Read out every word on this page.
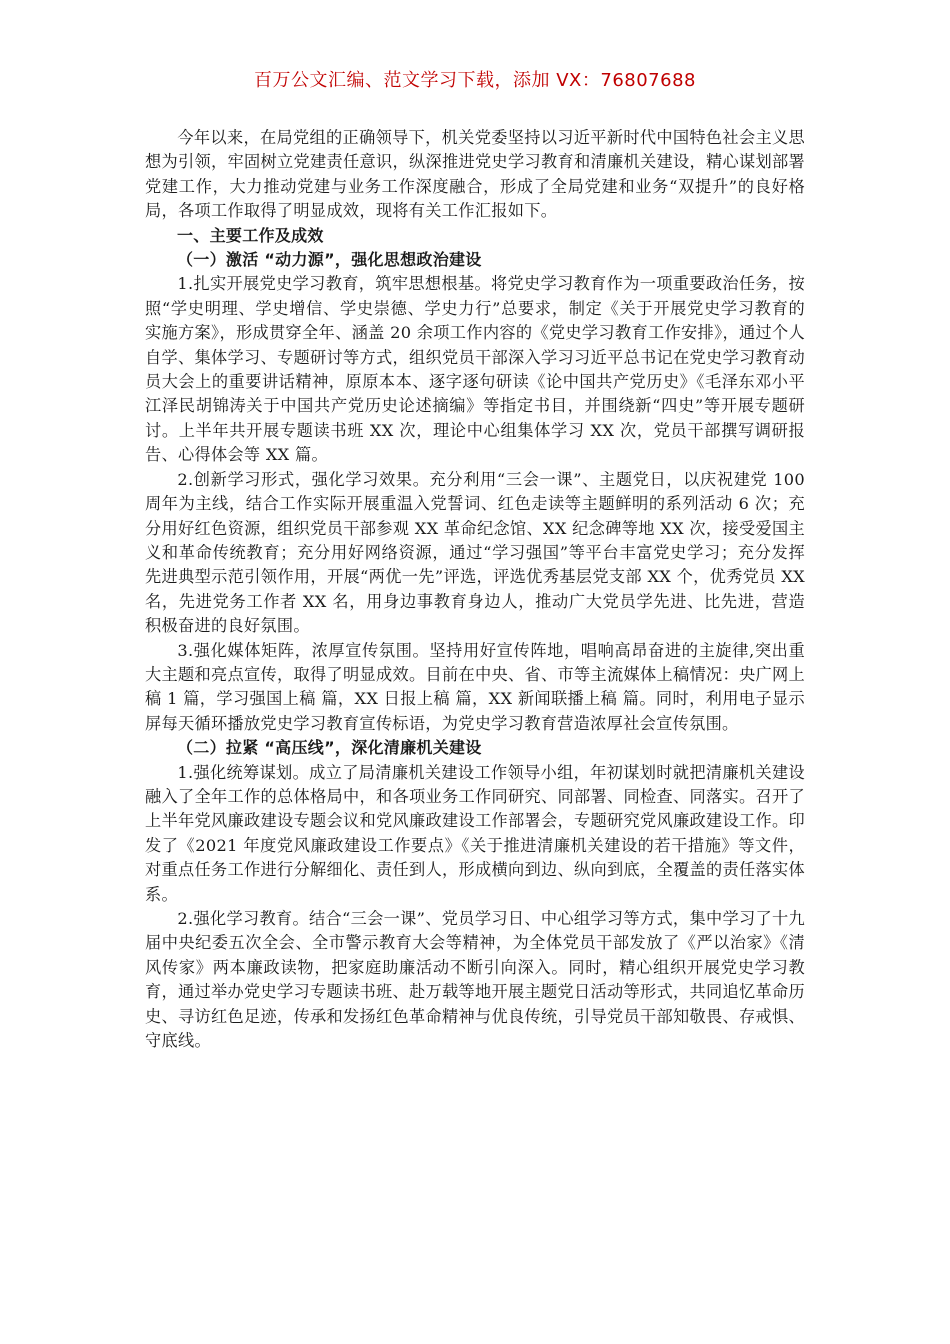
百万公文汇编、范文学习下载，添加 VX：76807688

今年以来，在局党组的正确领导下，机关党委坚持以习近平新时代中国特色社会主义思想为引领，牢固树立党建责任意识，纵深推进党史学习教育和清廉机关建设，精心谋划部署党建工作，大力推动党建与业务工作深度融合，形成了全局党建和业务“双提升”的良好格局，各项工作取得了明显成效，现将有关工作汇报如下。

一、主要工作及成效

（一）激活 “动力源”，强化思想政治建设

1.扎实开展党史学习教育，筑牢思想根基。将党史学习教育作为一项重要政治任务，按照“学史明理、学史增信、学史崇德、学史力行”总要求，制定《关于开展党史学习教育的实施方案》，形成贯穿全年、涵盖 20 余项工作内容的《党史学习教育工作安排》，通过个人自学、集体学习、专题研讨等方式，组织党员干部深入学习习近平总书记在党史学习教育动员大会上的重要讲话精神，原原本本、逐字逐句研读《论中国共产党历史》《毛泽东邓小平江泽民胡锦涛关于中国共产党历史论述摘编》等指定书目，并围绕新“四史”等开展专题研讨。上半年共开展专题读书班 XX 次，理论中心组集体学习 XX 次，党员干部撰写调研报告、心得体会等 XX 篇。

2.创新学习形式，强化学习效果。充分利用“三会一课”、主题党日，以庆祝建党 100 周年为主线，结合工作实际开展重温入党誓词、红色走读等主题鲜明的系列活动 6 次；充分用好红色资源，组织党员干部参观 XX 革命纪念馆、XX 纪念碑等地 XX 次，接受爱国主义和革命传统教育；充分用好网络资源，通过“学习强国”等平台丰富党史学习；充分发挥先进典型示范引领作用，开展“两优一先”评选，评选优秀基层党支部 XX 个，优秀党员 XX 名，先进党务工作者 XX 名，用身边事教育身边人，推动广大党员学先进、比先进，营造积极奋进的良好氛围。

3.强化媒体矩阵，浓厚宣传氛围。坚持用好宣传阵地，唱响高昂奋进的主旋律,突出重大主题和亮点宣传，取得了明显成效。目前在中央、省、市等主流媒体上稿情况：央广网上稿 1 篇，学习强国上稿 篇，XX 日报上稿 篇，XX 新闻联播上稿 篇。同时，利用电子显示屏每天循环播放党史学习教育宣传标语，为党史学习教育营造浓厚社会宣传氛围。

（二）拉紧 “高压线”，深化清廉机关建设

1.强化统筹谋划。成立了局清廉机关建设工作领导小组，年初谋划时就把清廉机关建设融入了全年工作的总体格局中，和各项业务工作同研究、同部署、同检查、同落实。召开了上半年党风廉政建设专题会议和党风廉政建设工作部署会，专题研究党风廉政建设工作。印发了《2021 年度党风廉政建设工作要点》《关于推进清廉机关建设的若干措施》等文件，对重点任务工作进行分解细化、责任到人，形成横向到边、纵向到底，全覆盖的责任落实体系。

2.强化学习教育。结合“三会一课”、党员学习日、中心组学习等方式，集中学习了十九届中央纪委五次全会、全市警示教育大会等精神，为全体党员干部发放了《严以治家》《清风传家》两本廉政读物，把家庭助廉活动不断引向深入。同时，精心组织开展党史学习教育，通过举办党史学习专题读书班、赴万载等地开展主题党日活动等形式，共同追忆革命历史、寻访红色足迹，传承和发扬红色革命精神与优良传统，引导党员干部知敬畏、存戒惧、守底线。
